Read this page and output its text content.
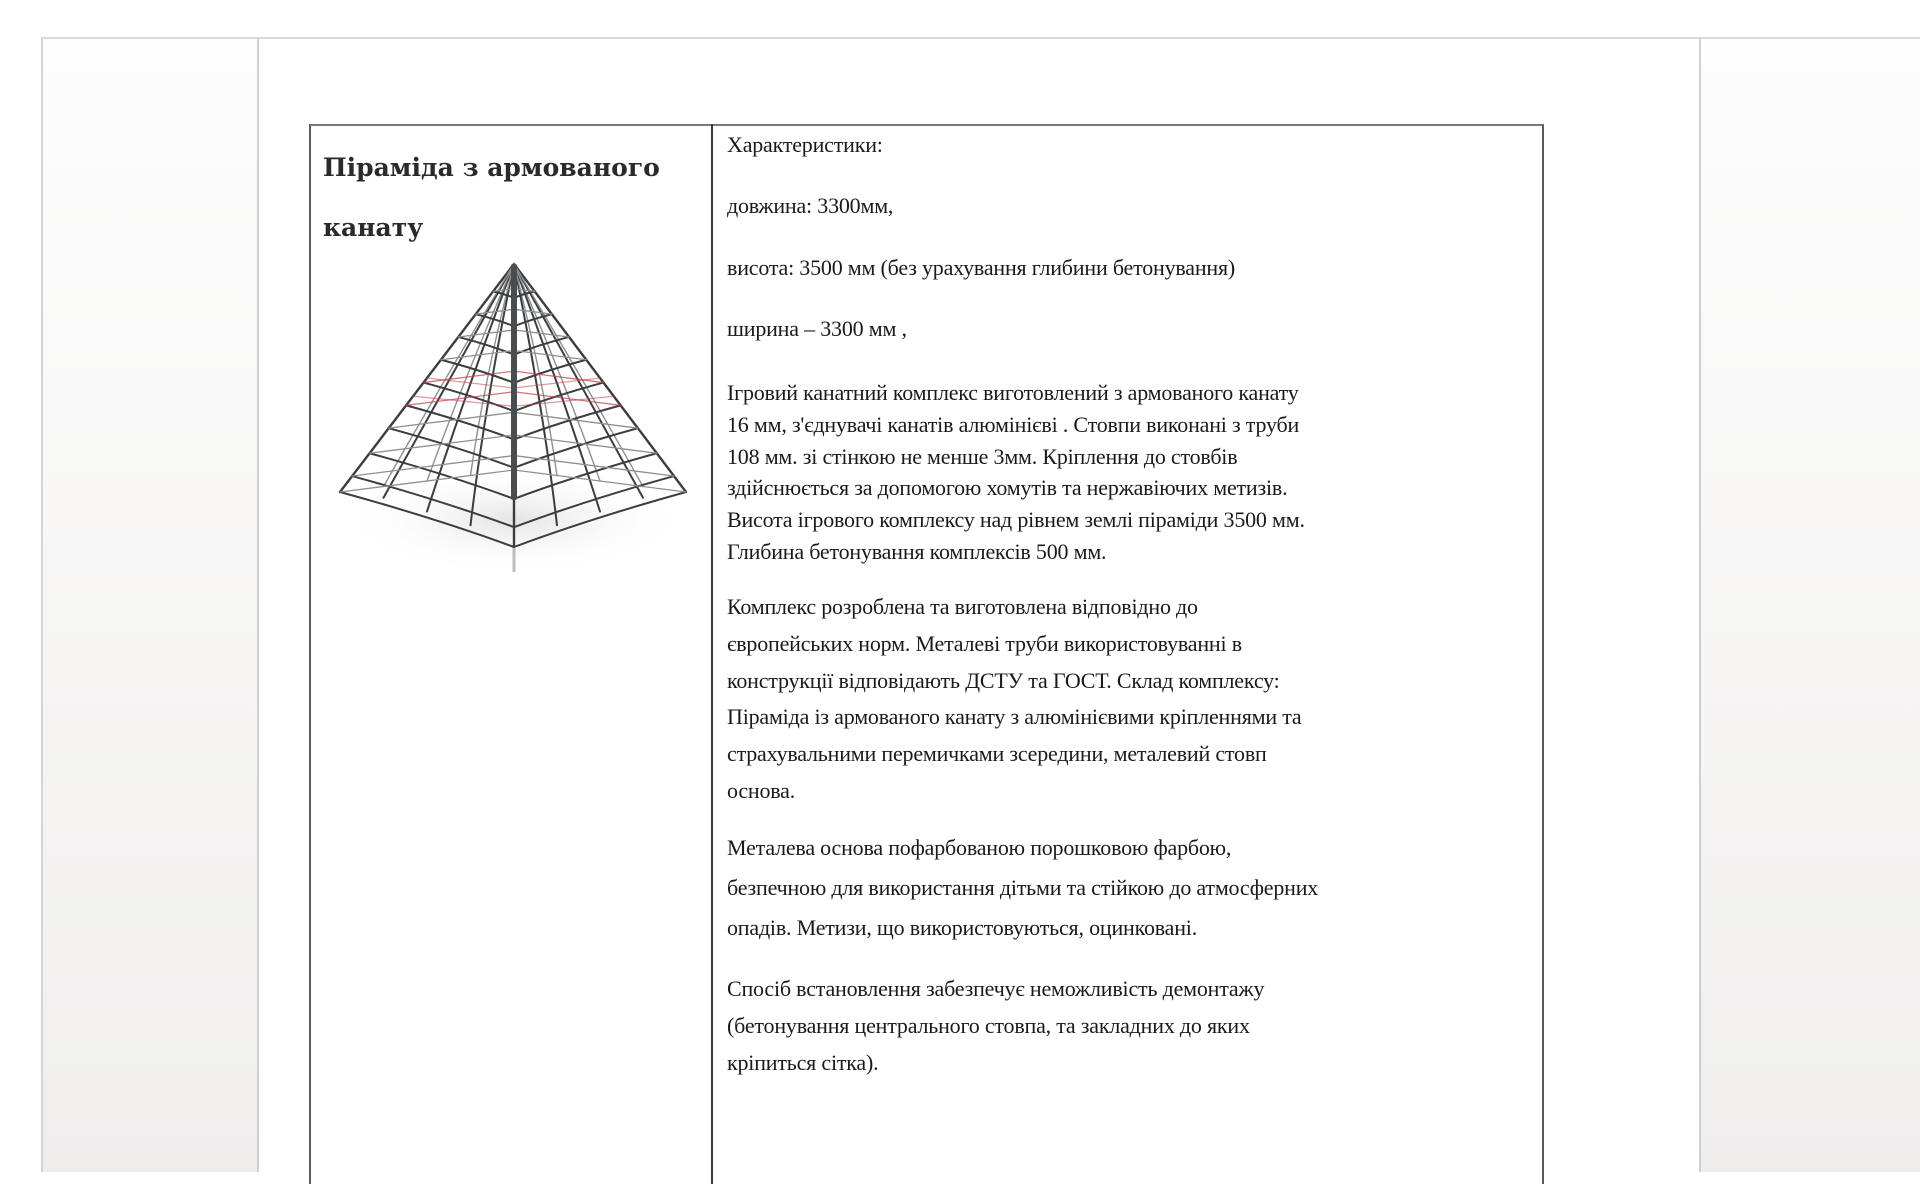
Піраміда з армованого
канату

Характеристики:

довжина: 3300мм,

висота: 3500 мм (без урахування глибини бетонування)

ширина – 3300 мм ,

Ігровий канатний комплекс виготовлений з армованого канату
16 мм, з'єднувачі канатів алюмінієві . Стовпи виконані з труби
108 мм. зі стінкою не менше 3мм. Кріплення до стовбів
здійснюється за допомогою хомутів та нержавіючих метизів.
Висота ігрового комплексу над рівнем землі піраміди 3500 мм.
Глибина бетонування комплексів 500 мм.
Комплекс розроблена та виготовлена відповідно до
європейських норм. Металеві труби використовуванні в
конструкції відповідають ДСТУ та ГОСТ. Склад комплексу:
Піраміда із армованого канату з алюмінієвими кріпленнями та
страхувальними перемичками зсередини, металевий стовп
основа.
Металева основа пофарбованою порошковою фарбою,
безпечною для використання дітьми та стійкою до атмосферних
опадів. Метизи, що використовуються, оцинковані.
Спосіб встановлення забезпечує неможливість демонтажу
(бетонування центрального стовпа, та закладних до яких
кріпиться сітка).
